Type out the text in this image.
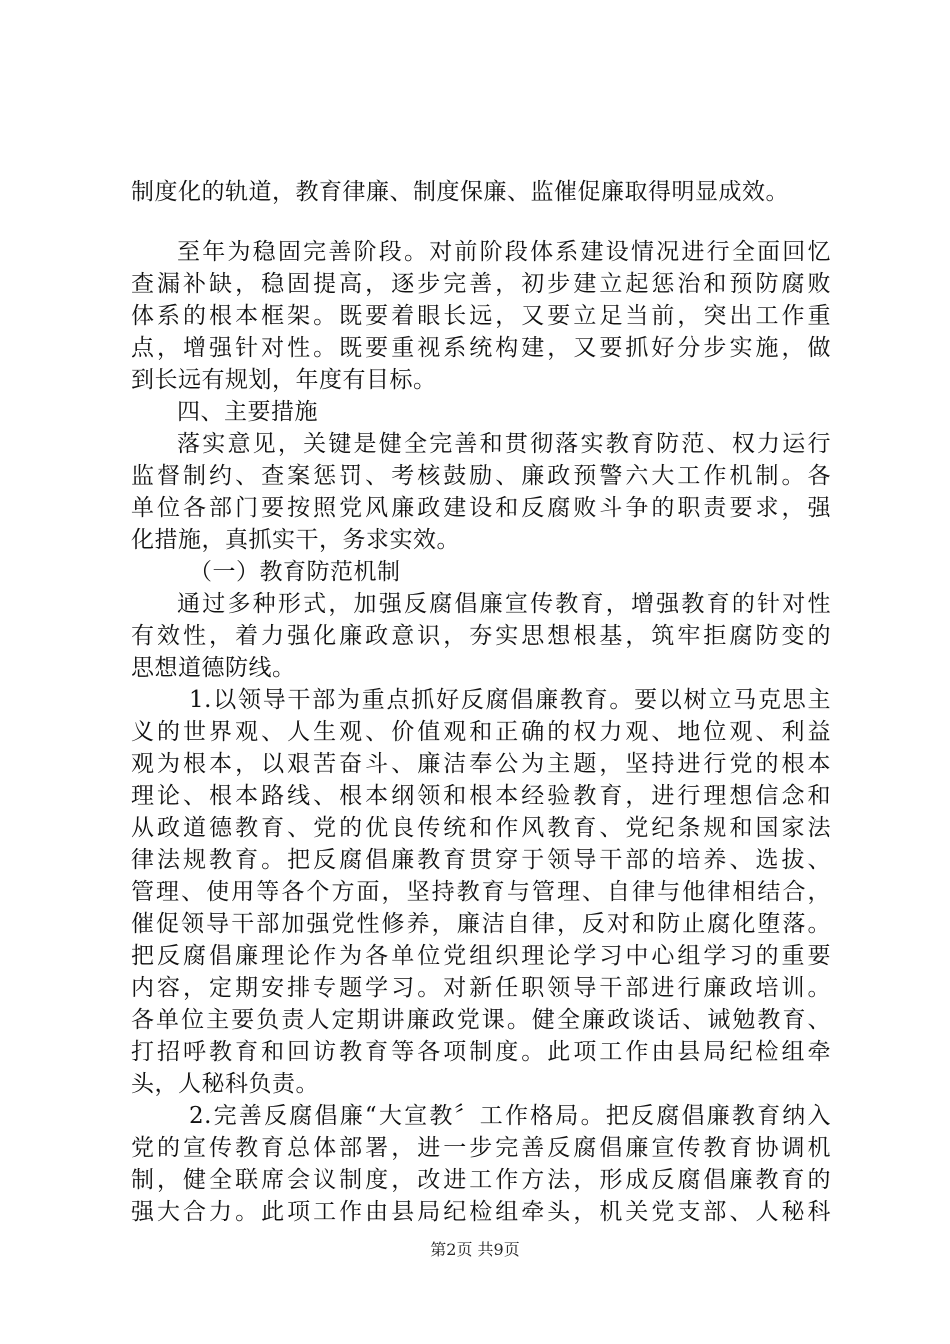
制度化的轨道，教育律廉、制度保廉、监催促廉取得明显成效。
至年为稳固完善阶段。对前阶段体系建设情况进行全面回忆
查漏补缺，稳固提高，逐步完善，初步建立起惩治和预防腐败
体系的根本框架。既要着眼长远，又要立足当前，突出工作重
点，增强针对性。既要重视系统构建，又要抓好分步实施，做
到长远有规划，年度有目标。
四、主要措施
落实意见，关键是健全完善和贯彻落实教育防范、权力运行
监督制约、查案惩罚、考核鼓励、廉政预警六大工作机制。各
单位各部门要按照党风廉政建设和反腐败斗争的职责要求，强
化措施，真抓实干，务求实效。
（一）教育防范机制
通过多种形式，加强反腐倡廉宣传教育，增强教育的针对性
有效性，着力强化廉政意识，夯实思想根基，筑牢拒腐防变的
思想道德防线。
1.以领导干部为重点抓好反腐倡廉教育。要以树立马克思主
义的世界观、人生观、价值观和正确的权力观、地位观、利益
观为根本，以艰苦奋斗、廉洁奉公为主题，坚持进行党的根本
理论、根本路线、根本纲领和根本经验教育，进行理想信念和
从政道德教育、党的优良传统和作风教育、党纪条规和国家法
律法规教育。把反腐倡廉教育贯穿于领导干部的培养、选拔、
管理、使用等各个方面，坚持教育与管理、自律与他律相结合，
催促领导干部加强党性修养，廉洁自律，反对和防止腐化堕落。
把反腐倡廉理论作为各单位党组织理论学习中心组学习的重要
内容，定期安排专题学习。对新任职领导干部进行廉政培训。
各单位主要负责人定期讲廉政党课。健全廉政谈话、诫勉教育、
打招呼教育和回访教育等各项制度。此项工作由县局纪检组牵
头，人秘科负责。
2.完善反腐倡廉“大宣教〞工作格局。把反腐倡廉教育纳入
党的宣传教育总体部署，进一步完善反腐倡廉宣传教育协调机
制，健全联席会议制度，改进工作方法，形成反腐倡廉教育的
强大合力。此项工作由县局纪检组牵头，机关党支部、人秘科
第2页 共9页
